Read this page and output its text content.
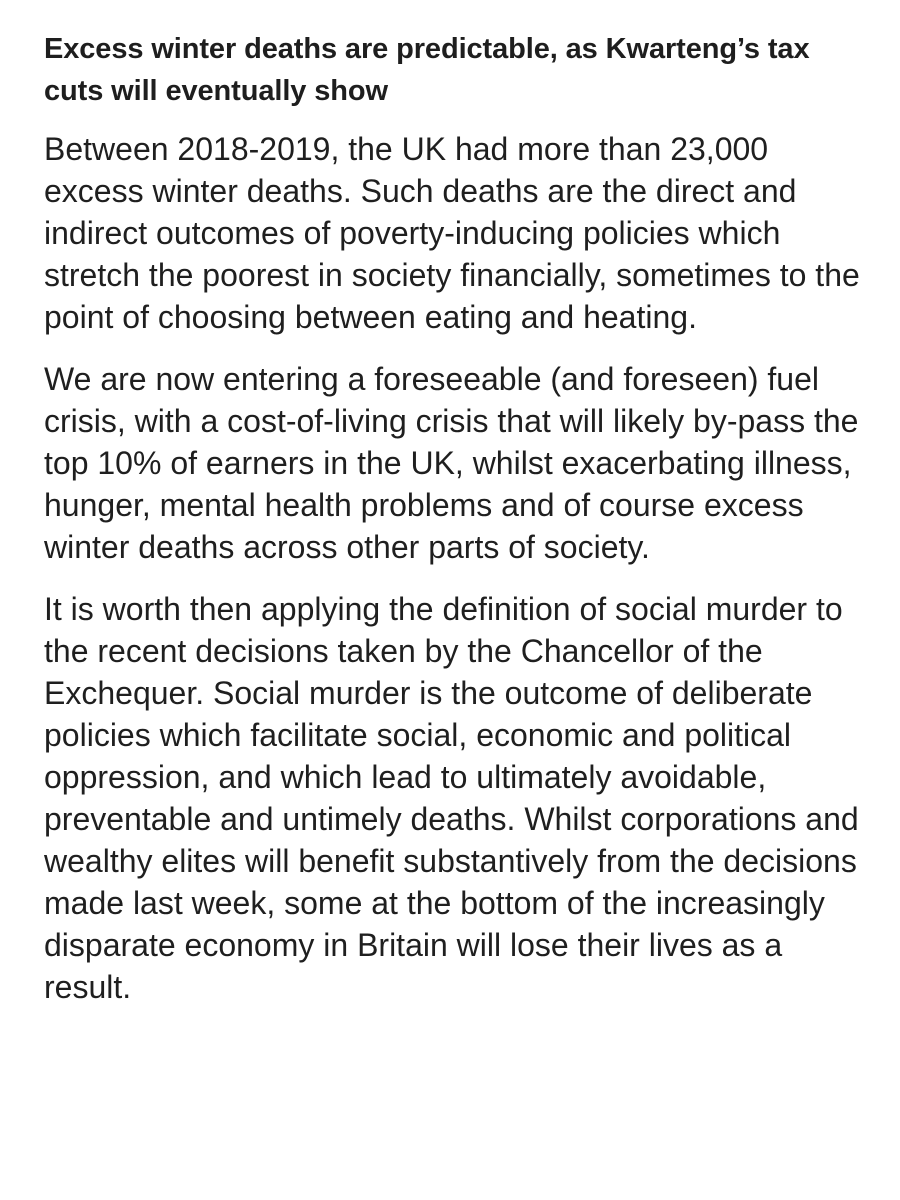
Excess winter deaths are predictable, as Kwarteng’s tax cuts will eventually show

Between 2018-2019, the UK had more than 23,000 excess winter deaths. Such deaths are the direct and indirect outcomes of poverty-inducing policies which stretch the poorest in society financially, sometimes to the point of choosing between eating and heating.

We are now entering a foreseeable (and foreseen) fuel crisis, with a cost-of-living crisis that will likely by-pass the top 10% of earners in the UK, whilst exacerbating illness, hunger, mental health problems and of course excess winter deaths across other parts of society.

It is worth then applying the definition of social murder to the recent decisions taken by the Chancellor of the Exchequer. Social murder is the outcome of deliberate policies which facilitate social, economic and political oppression, and which lead to ultimately avoidable, preventable and untimely deaths. Whilst corporations and wealthy elites will benefit substantively from the decisions made last week, some at the bottom of the increasingly disparate economy in Britain will lose their lives as a result.
